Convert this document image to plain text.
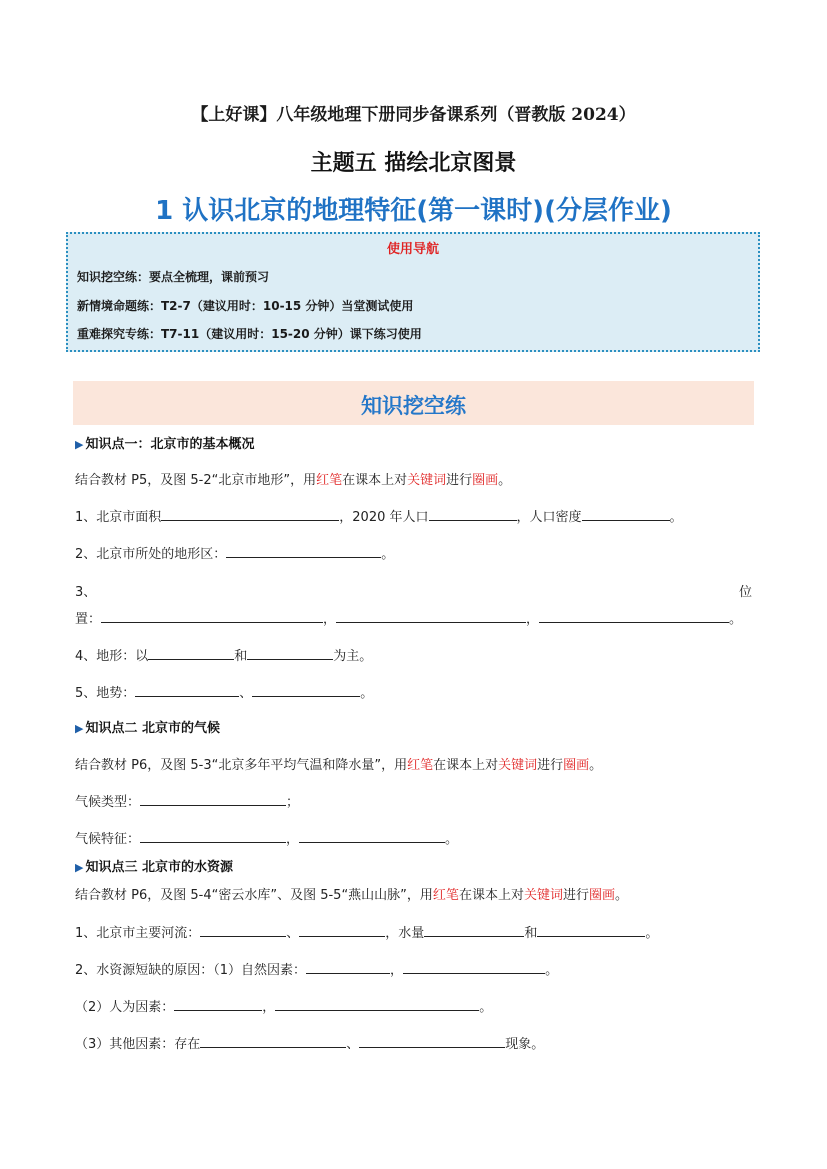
【上好课】八年级地理下册同步备课系列（晋教版 2024）
主题五 描绘北京图景
1 认识北京的地理特征(第一课时)(分层作业)
使用导航
知识挖空练：要点全梳理，课前预习
新情境命题练：T2-7（建议用时：10-15 分钟）当堂测试使用
重难探究专练：T7-11（建议用时：15-20 分钟）课下练习使用
知识挖空练
▶ 知识点一：北京市的基本概况
结合教材 P5，及图 5-2“北京市地形”，用红笔在课本上对关键词进行圈画。
1、北京市面积	，2020 年人口	，人口密度	。
2、北京市所处的地形区：	。
3、	位
置：	，	，	。
4、地形：以	和	为主。
5、地势：	、	。
▶ 知识点二 北京市的气候
结合教材 P6，及图 5-3“北京多年平均气温和降水量”，用红笔在课本上对关键词进行圈画。
气候类型：	；
气候特征：	，	。
▶ 知识点三 北京市的水资源
结合教材 P6，及图 5-4“密云水库”、及图 5-5“燕山山脉”，用红笔在课本上对关键词进行圈画。
1、北京市主要河流：	、	，水量	和	。
2、水资源短缺的原因：（1）自然因素：	，	。
（2）人为因素：	，	。
（3）其他因素：存在	、	现象。
